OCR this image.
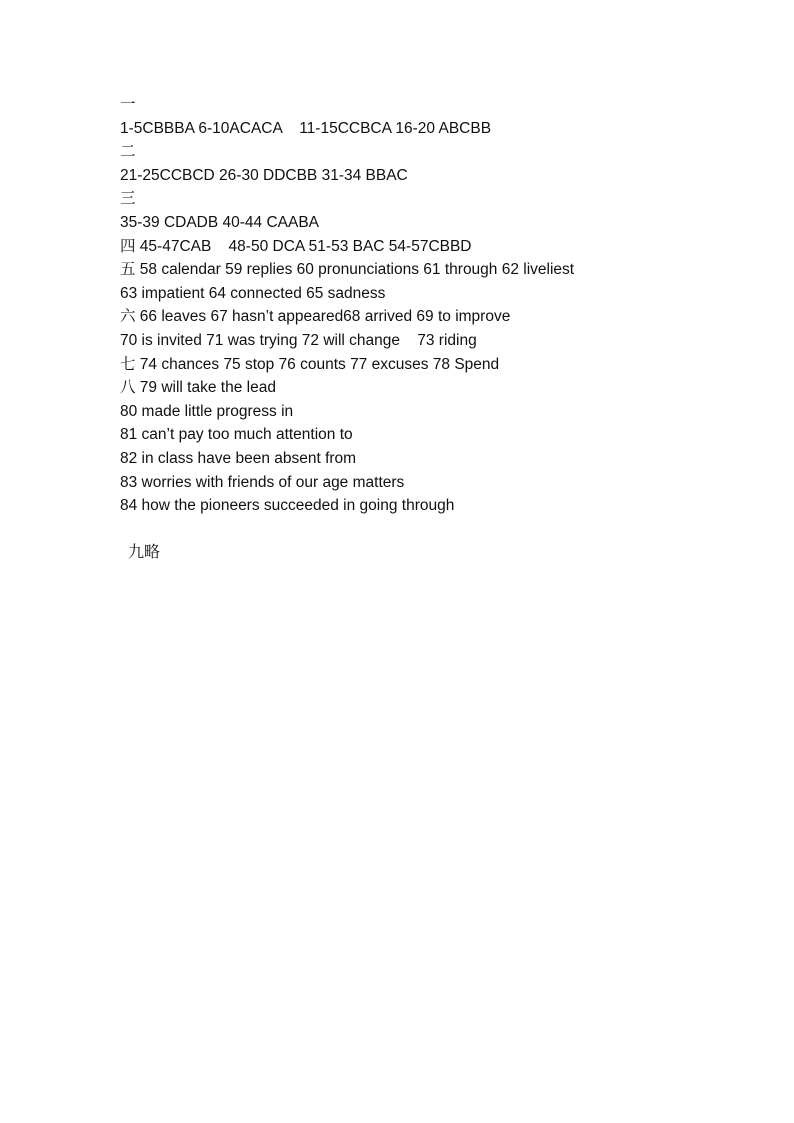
一
1-5CBBBA 6-10ACACA    11-15CCBCA 16-20 ABCBB
二
21-25CCBCD 26-30 DDCBB 31-34 BBAC
三
35-39 CDADB 40-44 CAABA
四 45-47CAB    48-50 DCA 51-53 BAC 54-57CBBD
五 58 calendar 59 replies 60 pronunciations 61 through 62 liveliest
63 impatient 64 connected 65 sadness
六 66 leaves 67 hasn’t appeared68 arrived 69 to improve
70 is invited 71 was trying 72 will change    73 riding
七 74 chances 75 stop 76 counts 77 excuses 78 Spend
八 79 will take the lead
80 made little progress in
81 can’t pay too much attention to
82 in class have been absent from
83 worries with friends of our age matters
84 how the pioneers succeeded in going through
九略
